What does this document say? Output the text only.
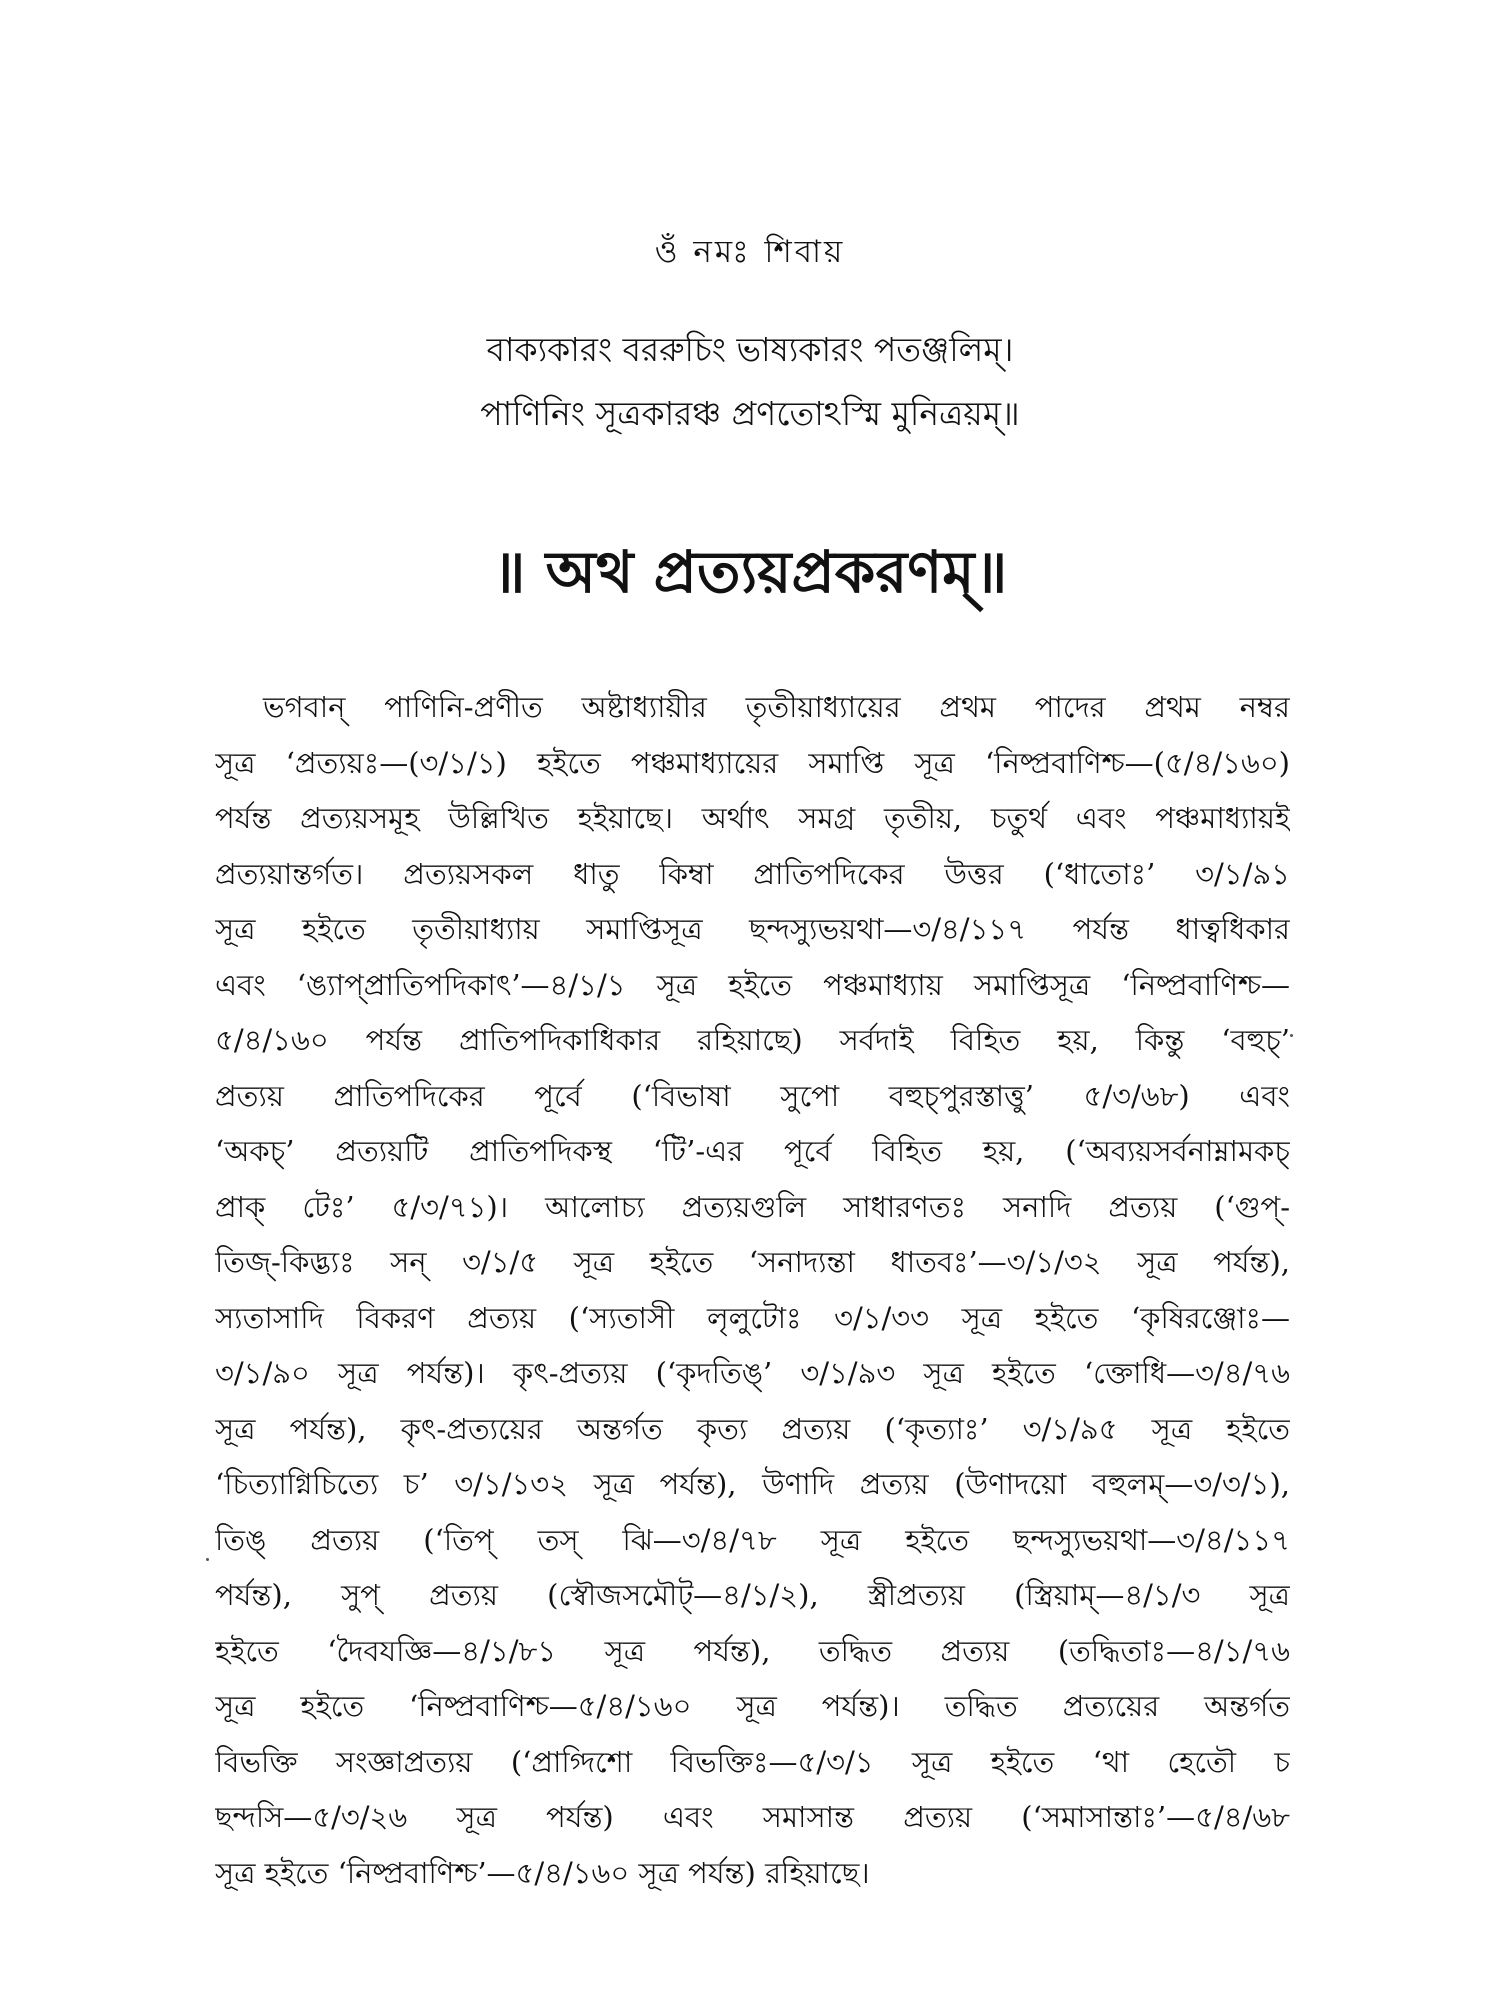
ওঁ নমঃ শিবায়
বাক্যকারং বররুচিং ভাষ্যকারং পতঞ্জলিম্।
পাণিনিং সূত্রকারঞ্চ প্রণতোঽস্মি মুনিত্রয়ম্॥
॥ অথ প্রত্যয়প্রকরণম্॥
ভগবান্ পাণিনি-প্রণীত অষ্টাধ্যায়ীর তৃতীয়াধ্যায়ের প্রথম পাদের প্রথম নম্বর
সূত্র ‘প্রত্যয়ঃ—(৩/১/১) হইতে পঞ্চমাধ্যায়ের সমাপ্তি সূত্র ‘নিষ্প্রবাণিশ্চ—(৫/৪/১৬০)
পর্যন্ত প্রত্যয়সমূহ উল্লিখিত হইয়াছে। অর্থাৎ সমগ্র তৃতীয়, চতুর্থ এবং পঞ্চমাধ্যায়ই
প্রত্যয়ান্তর্গত। প্রত্যয়সকল ধাতু কিম্বা প্রাতিপদিকের উত্তর (‘ধাতোঃ’ ৩/১/৯১
সূত্র হইতে তৃতীয়াধ্যায় সমাপ্তিসূত্র ছন্দস্যুভয়থা—৩/৪/১১৭ পর্যন্ত ধাত্বধিকার
এবং ‘ঙ্যাপ্প্রাতিপদিকাৎ’—৪/১/১ সূত্র হইতে পঞ্চমাধ্যায় সমাপ্তিসূত্র ‘নিষ্প্রবাণিশ্চ—
৫/৪/১৬০ পর্যন্ত প্রাতিপদিকাধিকার রহিয়াছে) সর্বদাই বিহিত হয়, কিন্তু ‘বহুচ্’
প্রত্যয় প্রাতিপদিকের পূর্বে (‘বিভাষা সুপো বহুচ্পুরস্তাত্তু’ ৫/৩/৬৮) এবং
‘অকচ্’ প্রত্যয়টি প্রাতিপদিকস্থ ‘টি’-এর পূর্বে বিহিত হয়, (‘অব্যয়সর্বনাম্নামকচ্
প্রাক্ টেঃ’ ৫/৩/৭১)। আলোচ্য প্রত্যয়গুলি সাধারণতঃ সনাদি প্রত্যয় (‘গুপ্-
তিজ্-কিদ্ভ্যঃ সন্ ৩/১/৫ সূত্র হইতে ‘সনাদ্যন্তা ধাতবঃ’—৩/১/৩২ সূত্র পর্যন্ত),
স্যতাসাদি বিকরণ প্রত্যয় (‘স্যতাসী লৃলুটোঃ ৩/১/৩৩ সূত্র হইতে ‘কৃষিরঞ্জোঃ—
৩/১/৯০ সূত্র পর্যন্ত)। কৃৎ-প্রত্যয় (‘কৃদতিঙ্’ ৩/১/৯৩ সূত্র হইতে ‘ক্তোধি—৩/৪/৭৬
সূত্র পর্যন্ত), কৃৎ-প্রত্যয়ের অন্তর্গত কৃত্য প্রত্যয় (‘কৃত্যাঃ’ ৩/১/৯৫ সূত্র হইতে
‘চিত্যাগ্নিচিত্যে চ’ ৩/১/১৩২ সূত্র পর্যন্ত), উণাদি প্রত্যয় (উণাদয়ো বহুলম্—৩/৩/১),
তিঙ্ প্রত্যয় (‘তিপ্ তস্ ঝি—৩/৪/৭৮ সূত্র হইতে ছন্দস্যুভয়থা—৩/৪/১১৭
পর্যন্ত), সুপ্ প্রত্যয় (স্বৌজসমৌট্—৪/১/২), স্ত্রীপ্রত্যয় (স্ত্রিয়াম্—৪/১/৩ সূত্র
হইতে ‘দৈবযজ্ঞি—৪/১/৮১ সূত্র পর্যন্ত), তদ্ধিত প্রত্যয় (তদ্ধিতাঃ—৪/১/৭৬
সূত্র হইতে ‘নিষ্প্রবাণিশ্চ—৫/৪/১৬০ সূত্র পর্যন্ত)। তদ্ধিত প্রত্যয়ের অন্তর্গত
বিভক্তি সংজ্ঞাপ্রত্যয় (‘প্রাগ্দিশো বিভক্তিঃ—৫/৩/১ সূত্র হইতে ‘থা হেতৌ চ
ছন্দসি—৫/৩/২৬ সূত্র পর্যন্ত) এবং সমাসান্ত প্রত্যয় (‘সমাসান্তাঃ’—৫/৪/৬৮
সূত্র হইতে ‘নিষ্প্রবাণিশ্চ’—৫/৪/১৬০ সূত্র পর্যন্ত) রহিয়াছে।
